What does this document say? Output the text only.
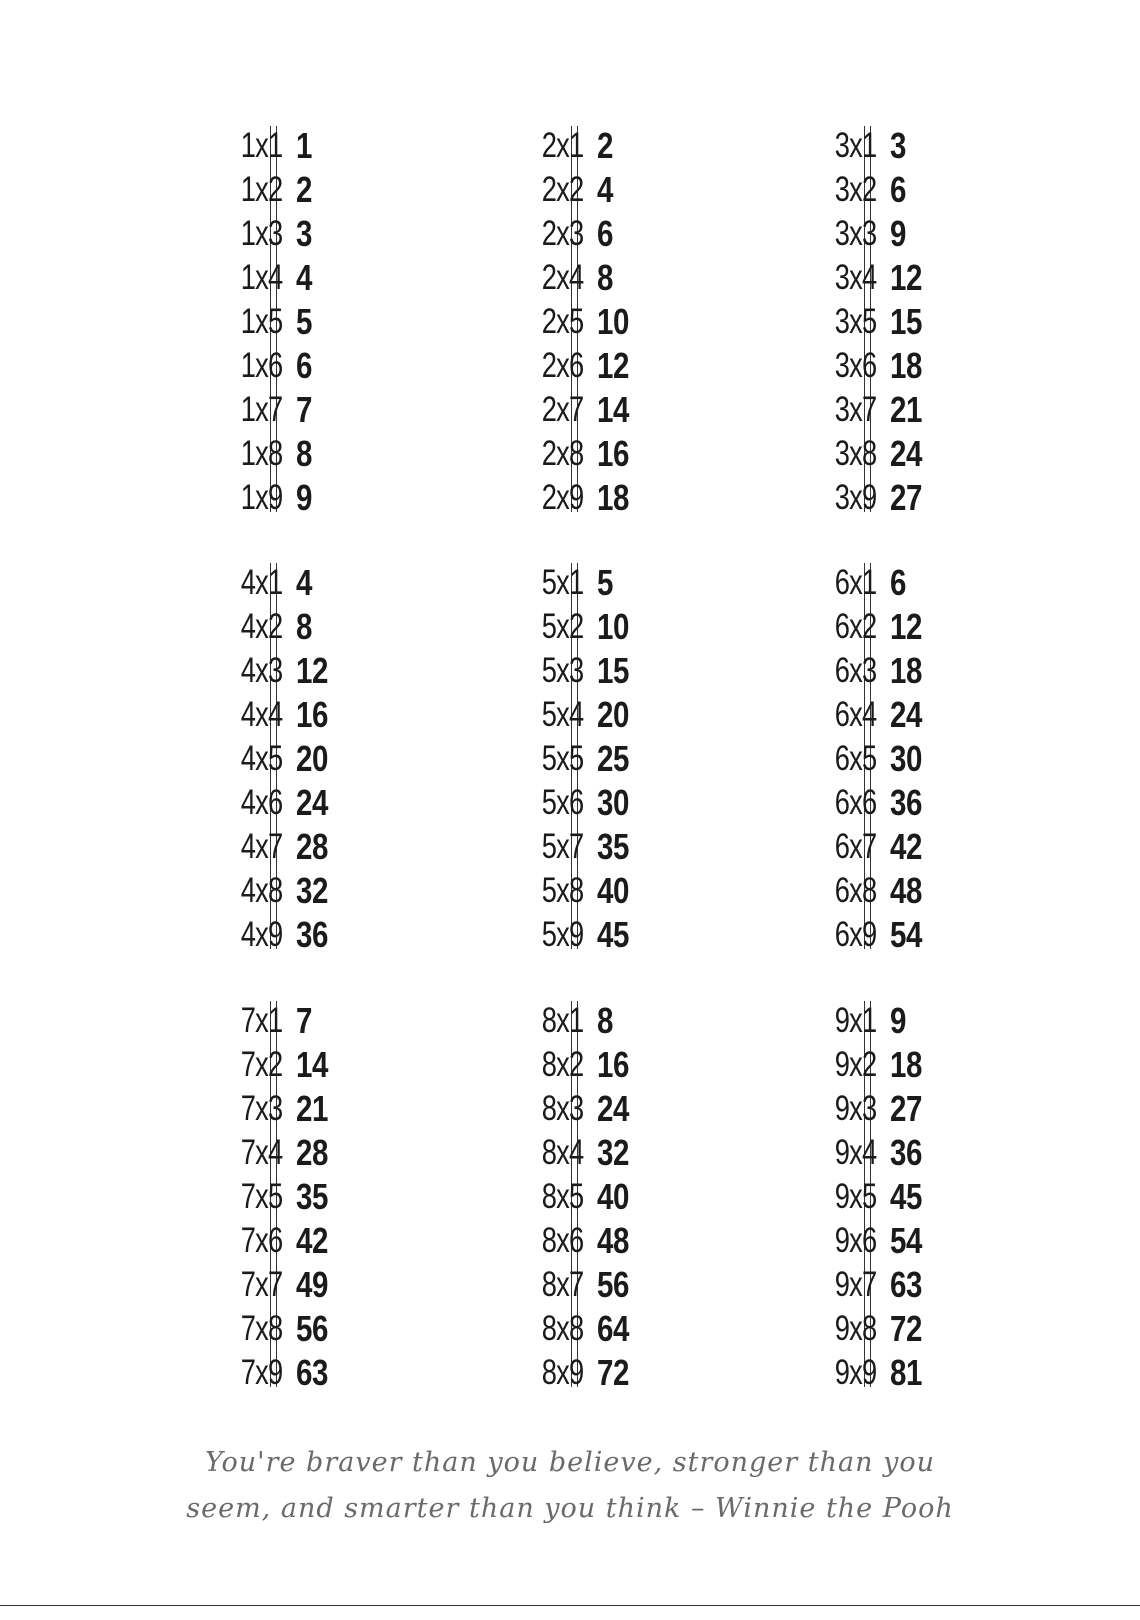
1x1 1
1x2 2
1x3 3
1x4 4
1x5 5
1x6 6
1x7 7
1x8 8
1x9 9
2x1 2
2x2 4
2x3 6
2x4 8
2x5 10
2x6 12
2x7 14
2x8 16
2x9 18
3x1 3
3x2 6
3x3 9
3x4 12
3x5 15
3x6 18
3x7 21
3x8 24
3x9 27
4x1 4
4x2 8
4x3 12
4x4 16
4x5 20
4x6 24
4x7 28
4x8 32
4x9 36
5x1 5
5x2 10
5x3 15
5x4 20
5x5 25
5x6 30
5x7 35
5x8 40
5x9 45
6x1 6
6x2 12
6x3 18
6x4 24
6x5 30
6x6 36
6x7 42
6x8 48
6x9 54
7x1 7
7x2 14
7x3 21
7x4 28
7x5 35
7x6 42
7x7 49
7x8 56
7x9 63
8x1 8
8x2 16
8x3 24
8x4 32
8x5 40
8x6 48
8x7 56
8x8 64
8x9 72
9x1 9
9x2 18
9x3 27
9x4 36
9x5 45
9x6 54
9x7 63
9x8 72
9x9 81
You're braver than you believe, stronger than you
seem, and smarter than you think – Winnie the Pooh
